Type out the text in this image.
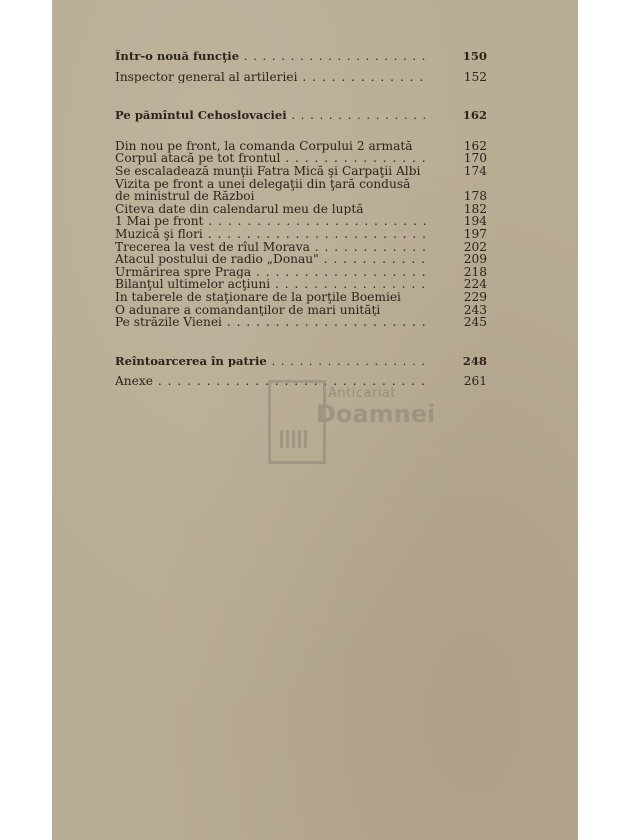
Într-o nouă funcţie . . .	150
Inspector general al artileriei . . .	152
Pe pămîntul Cehoslovaciei . . .	162
Din nou pe front, la comanda Corpului 2 armată	162
Corpul atacă pe tot frontul . . .	170
Se escaladează munţii Fatra Mică şi Carpaţii Albi	174
Vizita pe front a unei delegaţii din ţară condusă de ministrul de Război	178
Citeva date din calendarul meu de luptă	182
1 Mai pe front . . .	194
Muzică şi flori . . .	197
Trecerea la vest de rîul Morava . . .	202
Atacul postului de radio „Donau" . . .	209
Urmărirea spre Praga . . .	218
Bilanţul ultimelor acţiuni . . .	224
In taberele de staţionare de la porţile Boemiei	229
O adunare a comandanţilor de mari unităţi	243
Pe străzile Vienei . . .	245
Reîntoarcerea în patrie . . .	248
Anexe . . .	261
Anticariat
Doamnei
